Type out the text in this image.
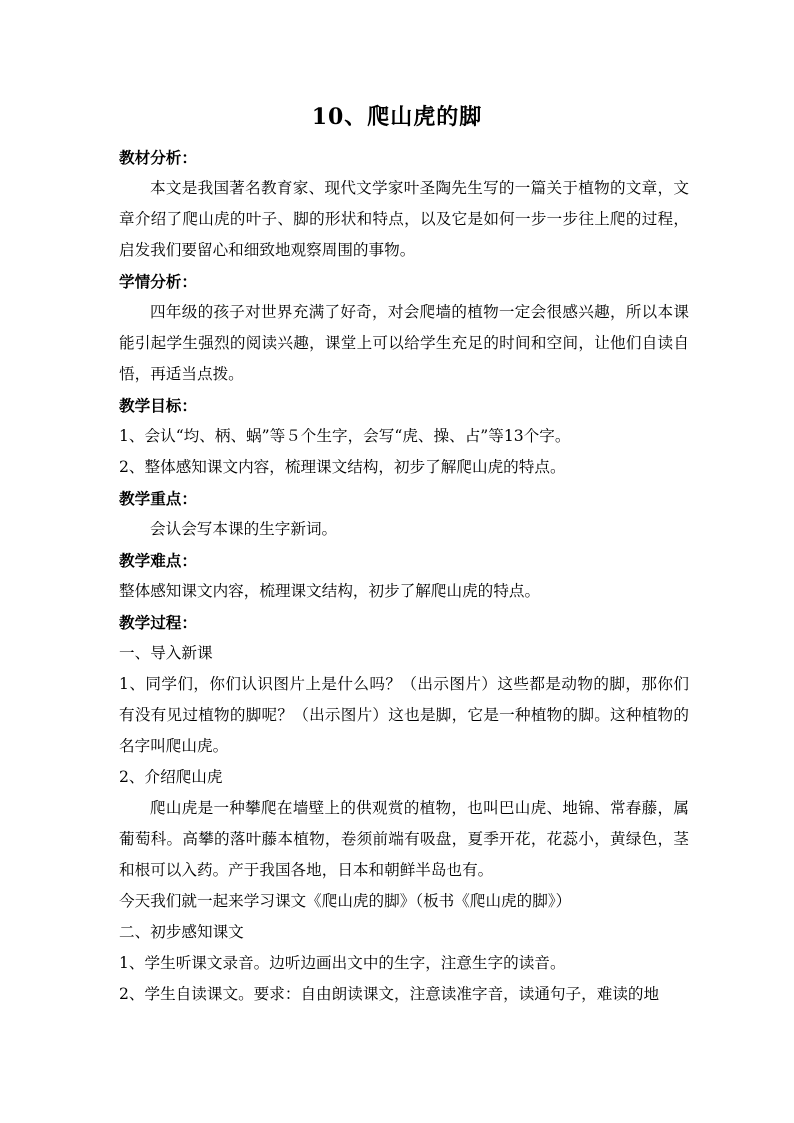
10、爬山虎的脚

教材分析：

本文是我国著名教育家、现代文学家叶圣陶先生写的一篇关于植物的文章，文章介绍了爬山虎的叶子、脚的形状和特点，以及它是如何一步一步往上爬的过程，启发我们要留心和细致地观察周围的事物。

学情分析：

四年级的孩子对世界充满了好奇，对会爬墙的植物一定会很感兴趣，所以本课能引起学生强烈的阅读兴趣，课堂上可以给学生充足的时间和空间，让他们自读自悟，再适当点拨。

教学目标：

1、会认“均、柄、蜗”等５个生字，会写“虎、操、占”等13个字。

2、整体感知课文内容，梳理课文结构，初步了解爬山虎的特点。

教学重点：

会认会写本课的生字新词。

教学难点：

整体感知课文内容，梳理课文结构，初步了解爬山虎的特点。

教学过程：

一、导入新课

1、同学们，你们认识图片上是什么吗？（出示图片）这些都是动物的脚，那你们有没有见过植物的脚呢？（出示图片）这也是脚，它是一种植物的脚。这种植物的名字叫爬山虎。

2、介绍爬山虎

爬山虎是一种攀爬在墙壁上的供观赏的植物，也叫巴山虎、地锦、常春藤，属葡萄科。高攀的落叶藤本植物，卷须前端有吸盘，夏季开花，花蕊小，黄绿色，茎和根可以入药。产于我国各地，日本和朝鲜半岛也有。

今天我们就一起来学习课文《爬山虎的脚》（板书《爬山虎的脚》）

二、初步感知课文

1、学生听课文录音。边听边画出文中的生字，注意生字的读音。

2、学生自读课文。要求：自由朗读课文，注意读准字音，读通句子，难读的地
